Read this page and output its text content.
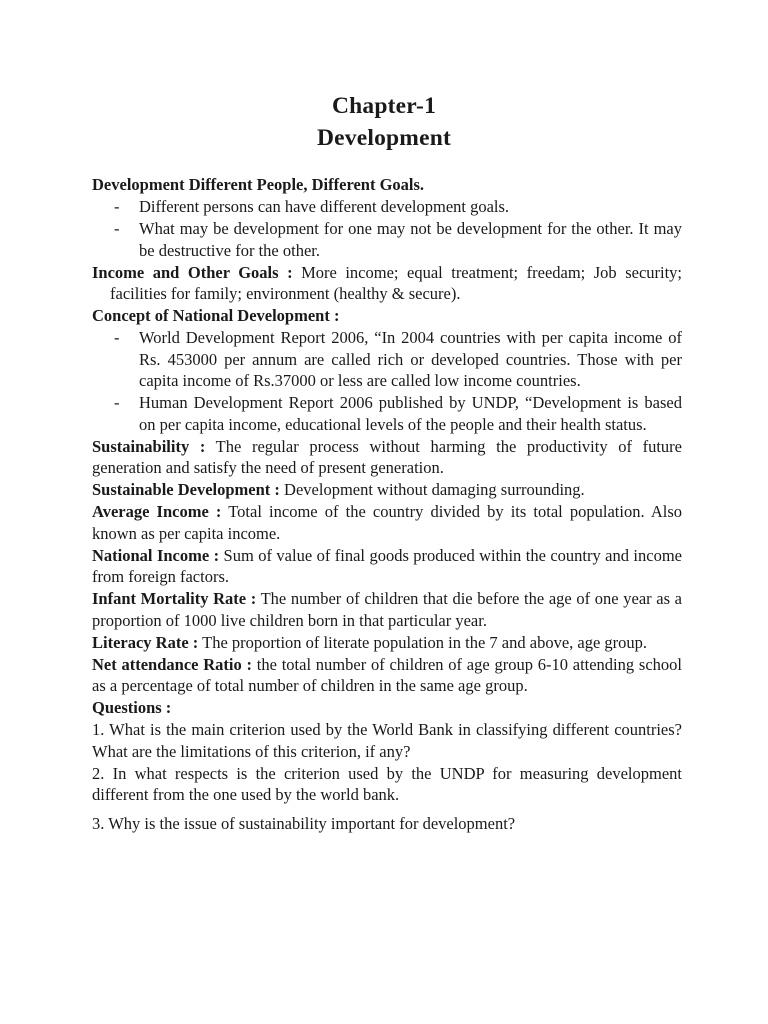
Chapter-1
Development

Development Different People, Different Goals.

- Different persons can have different development goals.

- What may be development for one may not be development for the other. It may be destructive for the other.

Income and Other Goals : More income; equal treatment; freedam; Job security; facilities for family; environment (healthy & secure).

Concept of National Development :

- World Development Report 2006, “In 2004 countries with per capita income of Rs. 453000 per annum are called rich or developed countries. Those with per capita income of Rs.37000 or less are called low income countries.

- Human Development Report 2006 published by UNDP, “Development is based on per capita income, educational levels of the people and their health status.

Sustainability : The regular process without harming the productivity of future generation and satisfy the need of present generation.

Sustainable Development : Development without damaging surrounding.

Average Income : Total income of the country divided by its total population. Also known as per capita income.

National Income : Sum of value of final goods produced within the country and income from foreign factors.

Infant Mortality Rate : The number of children that die before the age of one year as a proportion of 1000 live children born in that particular year.

Literacy Rate : The proportion of literate population in the 7 and above, age group.

Net attendance Ratio : the total number of children of age group 6-10 attending school as a percentage of total number of children in the same age group.

Questions :

1. What is the main criterion used by the World Bank in classifying different countries? What are the limitations of this criterion, if any?

2. In what respects is the criterion used by the UNDP for measuring development different from the one used by the world bank.

3. Why is the issue of sustainability important for development?
